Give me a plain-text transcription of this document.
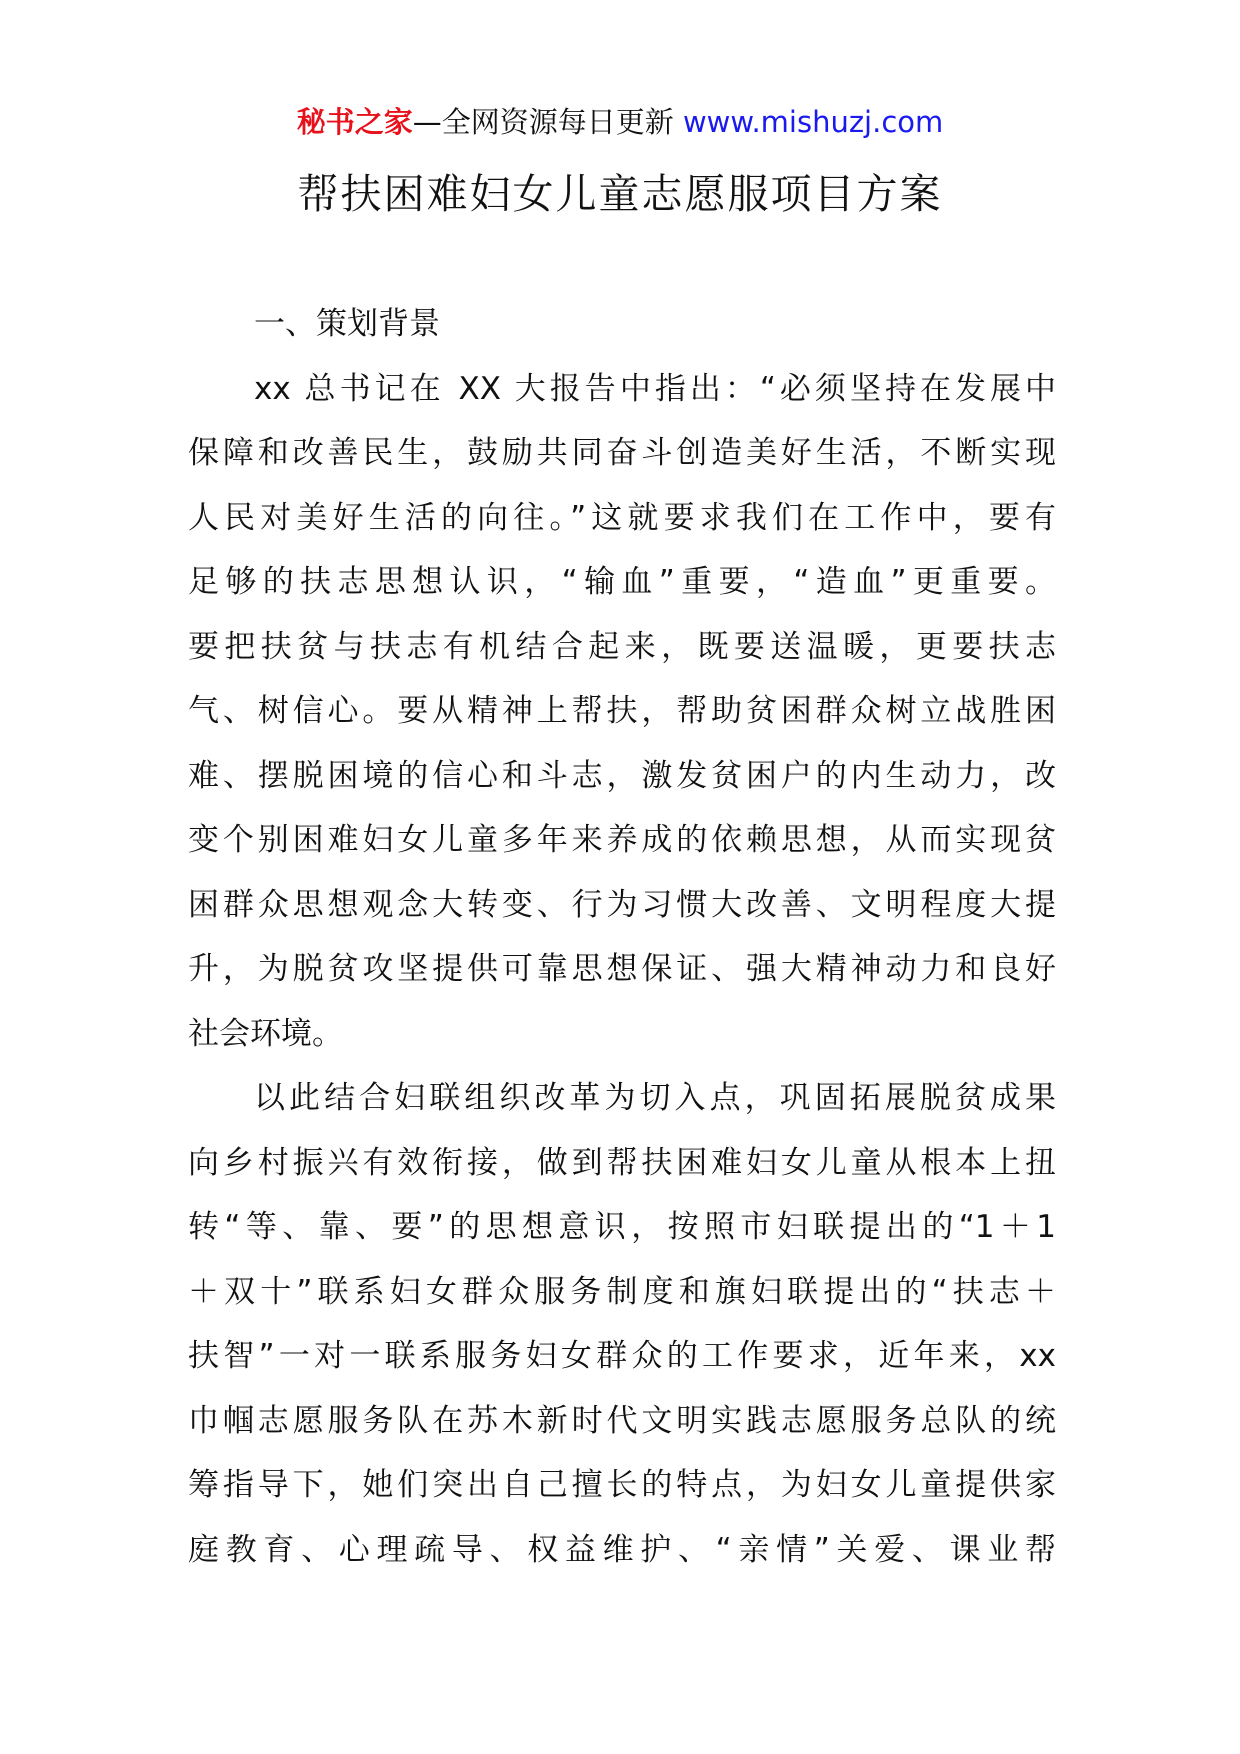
秘书之家—全网资源每日更新 www.mishuzj.com
帮扶困难妇女儿童志愿服项目方案
一、策划背景
xx 总书记在 XX 大报告中指出：“必须坚持在发展中
保障和改善民生，鼓励共同奋斗创造美好生活，不断实现
人民对美好生活的向往。”这就要求我们在工作中，要有
足够的扶志思想认识，“输血”重要，“造血”更重要。
要把扶贫与扶志有机结合起来，既要送温暖，更要扶志
气、树信心。要从精神上帮扶，帮助贫困群众树立战胜困
难、摆脱困境的信心和斗志，激发贫困户的内生动力，改
变个别困难妇女儿童多年来养成的依赖思想，从而实现贫
困群众思想观念大转变、行为习惯大改善、文明程度大提
升，为脱贫攻坚提供可靠思想保证、强大精神动力和良好
社会环境。
以此结合妇联组织改革为切入点，巩固拓展脱贫成果
向乡村振兴有效衔接，做到帮扶困难妇女儿童从根本上扭
转“等、靠、要”的思想意识，按照市妇联提出的“1＋1
＋双十”联系妇女群众服务制度和旗妇联提出的“扶志＋
扶智”一对一联系服务妇女群众的工作要求，近年来，xx
巾帼志愿服务队在苏木新时代文明实践志愿服务总队的统
筹指导下，她们突出自己擅长的特点，为妇女儿童提供家
庭教育、心理疏导、权益维护、“亲情”关爱、课业帮
